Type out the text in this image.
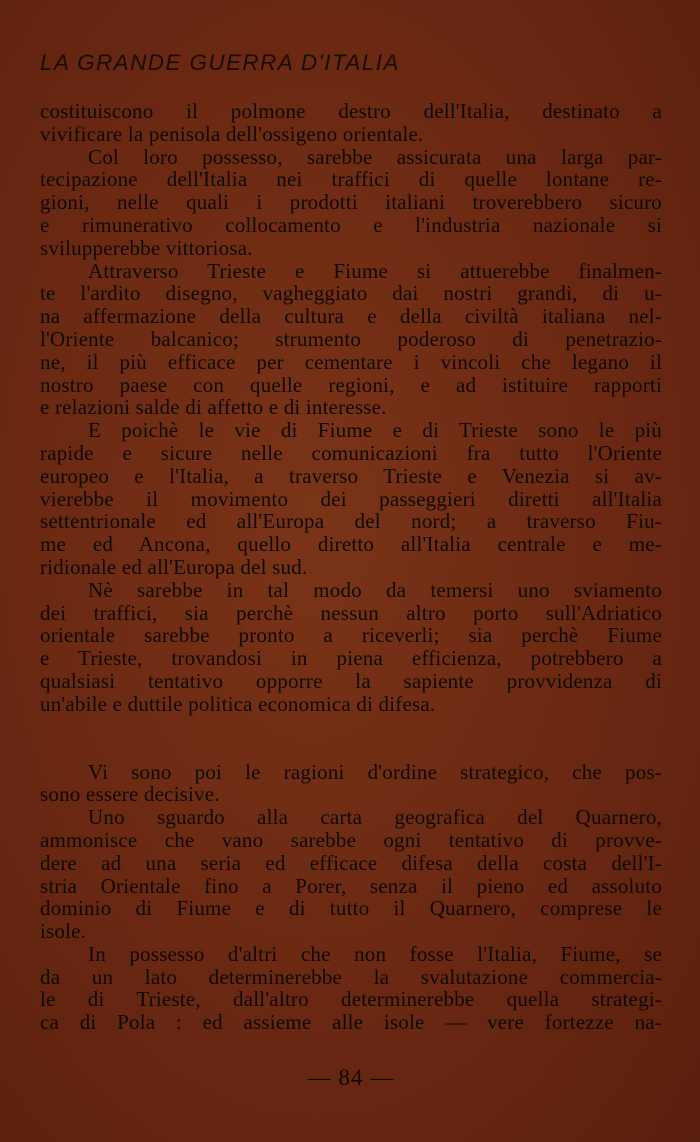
LA GRANDE GUERRA D'ITALIA
costituiscono il polmone destro dell'Italia, destinato a
vivificare la penisola dell'ossigeno orientale.
Col loro possesso, sarebbe assicurata una larga par-
tecipazione dell'Italia nei traffici di quelle lontane re-
gioni, nelle quali i prodotti italiani troverebbero sicuro
e rimunerativo collocamento e l'industria nazionale si
svilupperebbe vittoriosa.
Attraverso Trieste e Fiume si attuerebbe finalmen-
te l'ardito disegno, vagheggiato dai nostri grandi, di u-
na affermazione della cultura e della civiltà italiana nel-
l'Oriente balcanico; strumento poderoso di penetrazio-
ne, il più efficace per cementare i vincoli che legano il
nostro paese con quelle regioni, e ad istituire rapporti
e relazioni salde di affetto e di interesse.
E poichè le vie di Fiume e di Trieste sono le più
rapide e sicure nelle comunicazioni fra tutto l'Oriente
europeo e l'Italia, a traverso Trieste e Venezia si av-
vierebbe il movimento dei passeggieri diretti all'Italia
settentrionale ed all'Europa del nord; a traverso Fiu-
me ed Ancona, quello diretto all'Italia centrale e me-
ridionale ed all'Europa del sud.
Nè sarebbe in tal modo da temersi uno sviamento
dei traffici, sia perchè nessun altro porto sull'Adriatico
orientale sarebbe pronto a riceverli; sia perchè Fiume
e Trieste, trovandosi in piena efficienza, potrebbero a
qualsiasi tentativo opporre la sapiente provvidenza di
un'abile e duttile politica economica di difesa.
Vi sono poi le ragioni d'ordine strategico, che pos-
sono essere decisive.
Uno sguardo alla carta geografica del Quarnero,
ammonisce che vano sarebbe ogni tentativo di provve-
dere ad una seria ed efficace difesa della costa dell'I-
stria Orientale fino a Porer, senza il pieno ed assoluto
dominio di Fiume e di tutto il Quarnero, comprese le
isole.
In possesso d'altri che non fosse l'Italia, Fiume, se
da un lato determinerebbe la svalutazione commercia-
le di Trieste, dall'altro determinerebbe quella strategi-
ca di Pola : ed assieme alle isole — vere fortezze na-
— 84 —
